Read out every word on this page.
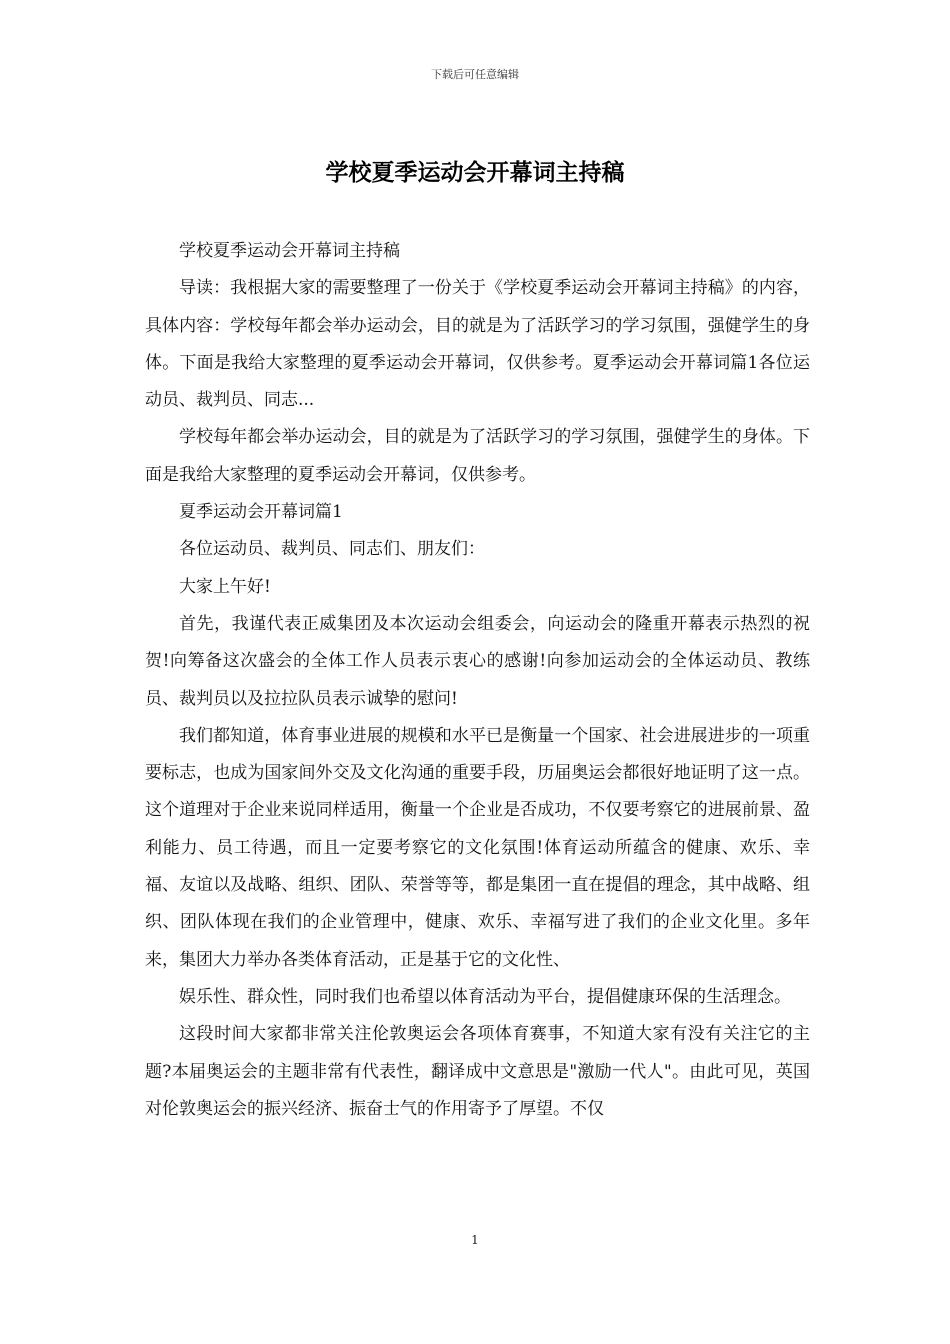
下载后可任意编辑
学校夏季运动会开幕词主持稿

学校夏季运动会开幕词主持稿

导读：我根据大家的需要整理了一份关于《学校夏季运动会开幕词主持稿》的内容，具体内容：学校每年都会举办运动会，目的就是为了活跃学习的学习氛围，强健学生的身体。下面是我给大家整理的夏季运动会开幕词，仅供参考。夏季运动会开幕词篇1各位运动员、裁判员、同志...

学校每年都会举办运动会，目的就是为了活跃学习的学习氛围，强健学生的身体。下面是我给大家整理的夏季运动会开幕词，仅供参考。

夏季运动会开幕词篇1

各位运动员、裁判员、同志们、朋友们：

大家上午好!

首先，我谨代表正威集团及本次运动会组委会，向运动会的隆重开幕表示热烈的祝贺!向筹备这次盛会的全体工作人员表示衷心的感谢!向参加运动会的全体运动员、教练员、裁判员以及拉拉队员表示诚挚的慰问!

我们都知道，体育事业进展的规模和水平已是衡量一个国家、社会进展进步的一项重要标志，也成为国家间外交及文化沟通的重要手段，历届奥运会都很好地证明了这一点。这个道理对于企业来说同样适用，衡量一个企业是否成功，不仅要考察它的进展前景、盈利能力、员工待遇，而且一定要考察它的文化氛围!体育运动所蕴含的健康、欢乐、幸福、友谊以及战略、组织、团队、荣誉等等，都是集团一直在提倡的理念，其中战略、组织、团队体现在我们的企业管理中，健康、欢乐、幸福写进了我们的企业文化里。多年来，集团大力举办各类体育活动，正是基于它的文化性、

娱乐性、群众性，同时我们也希望以体育活动为平台，提倡健康环保的生活理念。

这段时间大家都非常关注伦敦奥运会各项体育赛事，不知道大家有没有关注它的主题?本届奥运会的主题非常有代表性，翻译成中文意思是"激励一代人"。由此可见，英国对伦敦奥运会的振兴经济、振奋士气的作用寄予了厚望。不仅

1
